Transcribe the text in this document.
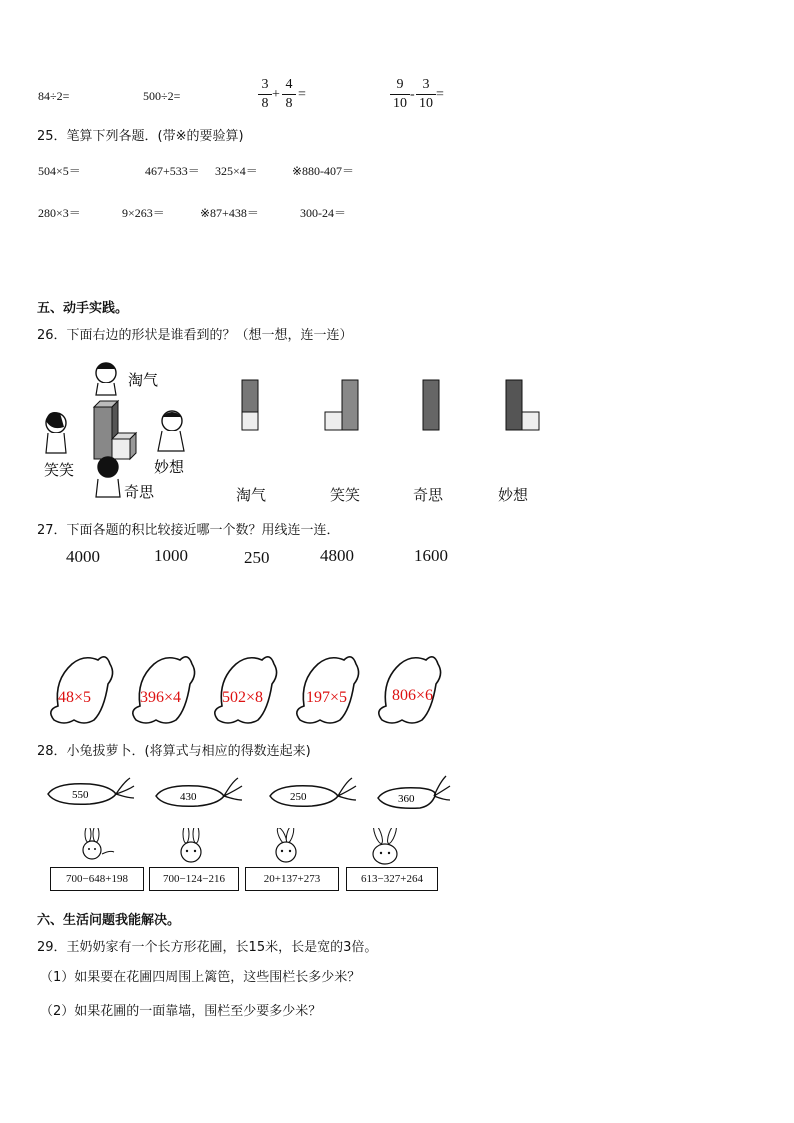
84÷2=	500÷2=
3
8
+
4
8
=
9
10
-
3
10
=
25．笔算下列各题．(带※的要验算)
504×5＝	467+533＝ 325×4＝	※880-407＝
280×3＝	9×263＝	※87+438＝	300-24＝
五、动手实践。
26．下面右边的形状是谁看到的？（想一想，连一连）
淘气
笑笑	妙想
奇思	淘气	笑笑	奇思	妙想
27．下面各题的积比较接近哪一个数？用线连一连．
4000	1000	250	4800	1600
48×5	396×4	502×8	197×5	806×6
28．小兔拔萝卜．(将算式与相应的得数连起来)
550	430	250	360
700−648+198	700−124−216	20+137+273	613−327+264
六、生活问题我能解决。
29．王奶奶家有一个长方形花圃，长15米，长是宽的3倍。
（1）如果要在花圃四周围上篱笆，这些围栏长多少米？
（2）如果花圃的一面靠墙，围栏至少要多少米？
